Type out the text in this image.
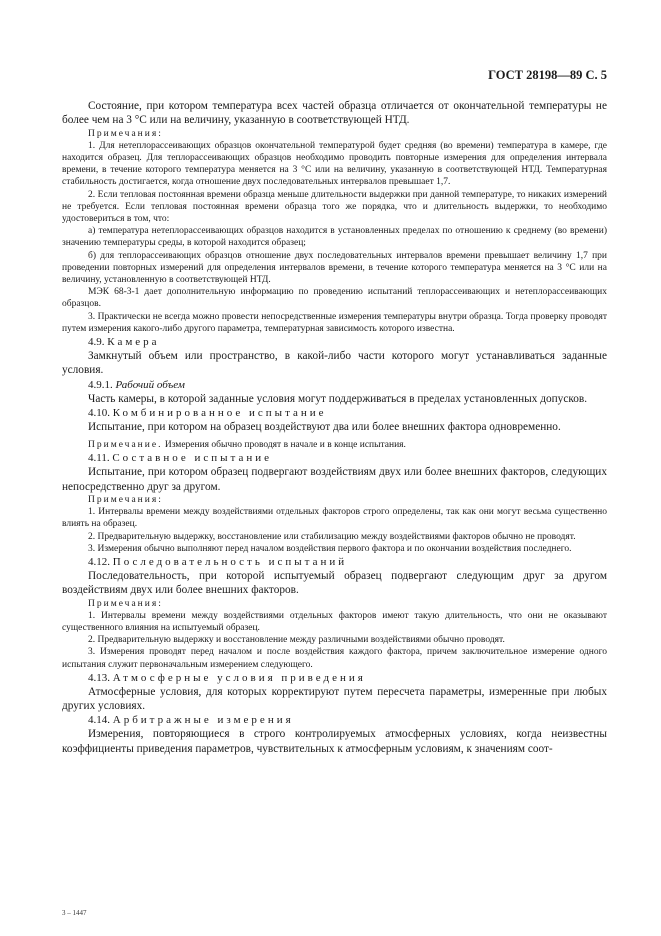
ГОСТ 28198—89 С. 5

Состояние, при котором температура всех частей образца отличается от окончательной температуры не более чем на 3 °С или на величину, указанную в соответствующей НТД.

Примечания:

1. Для нетеплорассеивающих образцов окончательной температурой будет средняя (во времени) температура в камере, где находится образец. Для теплорассеивающих образцов необходимо проводить повторные измерения для определения интервала времени, в течение которого температура меняется на 3 °С или на величину, указанную в соответствующей НТД. Температурная стабильность достигается, когда отношение двух последовательных интервалов превышает 1,7.

2. Если тепловая постоянная времени образца меньше длительности выдержки при данной температуре, то никаких измерений не требуется. Если тепловая постоянная времени образца того же порядка, что и длительность выдержки, то необходимо удостовериться в том, что:

а) температура нетеплорассеивающих образцов находится в установленных пределах по отношению к среднему (во времени) значению температуры среды, в которой находится образец;

б) для теплорассеивающих образцов отношение двух последовательных интервалов времени превышает величину 1,7 при проведении повторных измерений для определения интервалов времени, в течение которого температура меняется на 3 °С или на величину, установленную в соответствующей НТД.

МЭК 68-3-1 дает дополнительную информацию по проведению испытаний теплорассеивающих и нетеплорассеивающих образцов.

3. Практически не всегда можно провести непосредственные измерения температуры внутри образца. Тогда проверку проводят путем измерения какого-либо другого параметра, температурная зависимость которого известна.

4.9. Камера

Замкнутый объем или пространство, в какой-либо части которого могут устанавливаться заданные условия.

4.9.1. Рабочий объем

Часть камеры, в которой заданные условия могут поддерживаться в пределах установленных допусков.

4.10. Комбинированное испытание

Испытание, при котором на образец воздействуют два или более внешних фактора одновременно.

Примечание. Измерения обычно проводят в начале и в конце испытания.

4.11. Составное испытание

Испытание, при котором образец подвергают воздействиям двух или более внешних факторов, следующих непосредственно друг за другом.

Примечания:

1. Интервалы времени между воздействиями отдельных факторов строго определены, так как они могут весьма существенно влиять на образец.

2. Предварительную выдержку, восстановление или стабилизацию между воздействиями факторов обычно не проводят.

3. Измерения обычно выполняют перед началом воздействия первого фактора и по окончании воздействия последнего.

4.12. Последовательность испытаний

Последовательность, при которой испытуемый образец подвергают следующим друг за другом воздействиям двух или более внешних факторов.

Примечания:

1. Интервалы времени между воздействиями отдельных факторов имеют такую длительность, что они не оказывают существенного влияния на испытуемый образец.

2. Предварительную выдержку и восстановление между различными воздействиями обычно проводят.

3. Измерения проводят перед началом и после воздействия каждого фактора, причем заключительное измерение одного испытания служит первоначальным измерением следующего.

4.13. Атмосферные условия приведения

Атмосферные условия, для которых корректируют путем пересчета параметры, измеренные при любых других условиях.

4.14. Арбитражные измерения

Измерения, повторяющиеся в строго контролируемых атмосферных условиях, когда неизвестны коэффициенты приведения параметров, чувствительных к атмосферным условиям, к значениям соот-

3 – 1447
